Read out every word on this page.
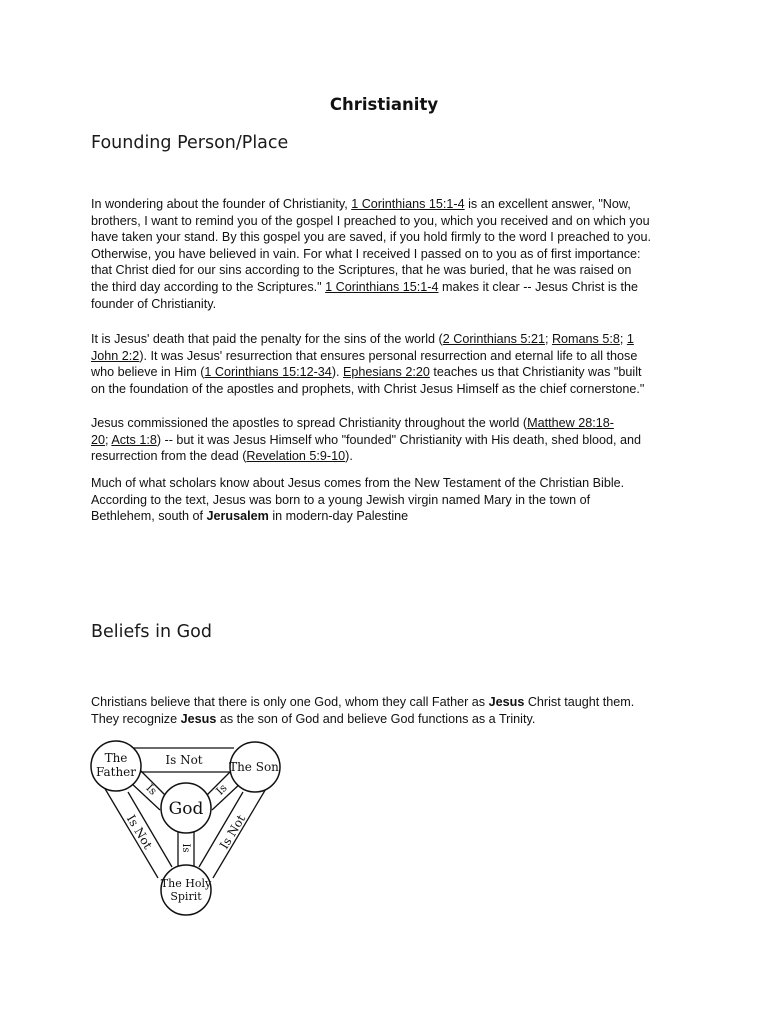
Christianity
Founding Person/Place

In wondering about the founder of Christianity, 1 Corinthians 15:1-4 is an excellent answer, "Now,
brothers, I want to remind you of the gospel I preached to you, which you received and on which you
have taken your stand. By this gospel you are saved, if you hold firmly to the word I preached to you.
Otherwise, you have believed in vain. For what I received I passed on to you as of first importance:
that Christ died for our sins according to the Scriptures, that he was buried, that he was raised on
the third day according to the Scriptures." 1 Corinthians 15:1-4 makes it clear -- Jesus Christ is the
founder of Christianity.

It is Jesus' death that paid the penalty for the sins of the world (2 Corinthians 5:21; Romans 5:8; 1
John 2:2). It was Jesus' resurrection that ensures personal resurrection and eternal life to all those
who believe in Him (1 Corinthians 15:12-34). Ephesians 2:20 teaches us that Christianity was "built
on the foundation of the apostles and prophets, with Christ Jesus Himself as the chief cornerstone."

Jesus commissioned the apostles to spread Christianity throughout the world (Matthew 28:18-
20; Acts 1:8) -- but it was Jesus Himself who "founded" Christianity with His death, shed blood, and
resurrection from the dead (Revelation 5:9-10).

Much of what scholars know about Jesus comes from the New Testament of the Christian Bible.
According to the text, Jesus was born to a young Jewish virgin named Mary in the town of
Bethlehem, south of Jerusalem in modern-day Palestine

Beliefs in God

Christians believe that there is only one God, whom they call Father as Jesus Christ taught them.
They recognize Jesus as the son of God and believe God functions as a Trinity.

The
Father	The Son
The Holy
Spirit
God
Is Not
Is Not	Is Not
Is	Is
Is
